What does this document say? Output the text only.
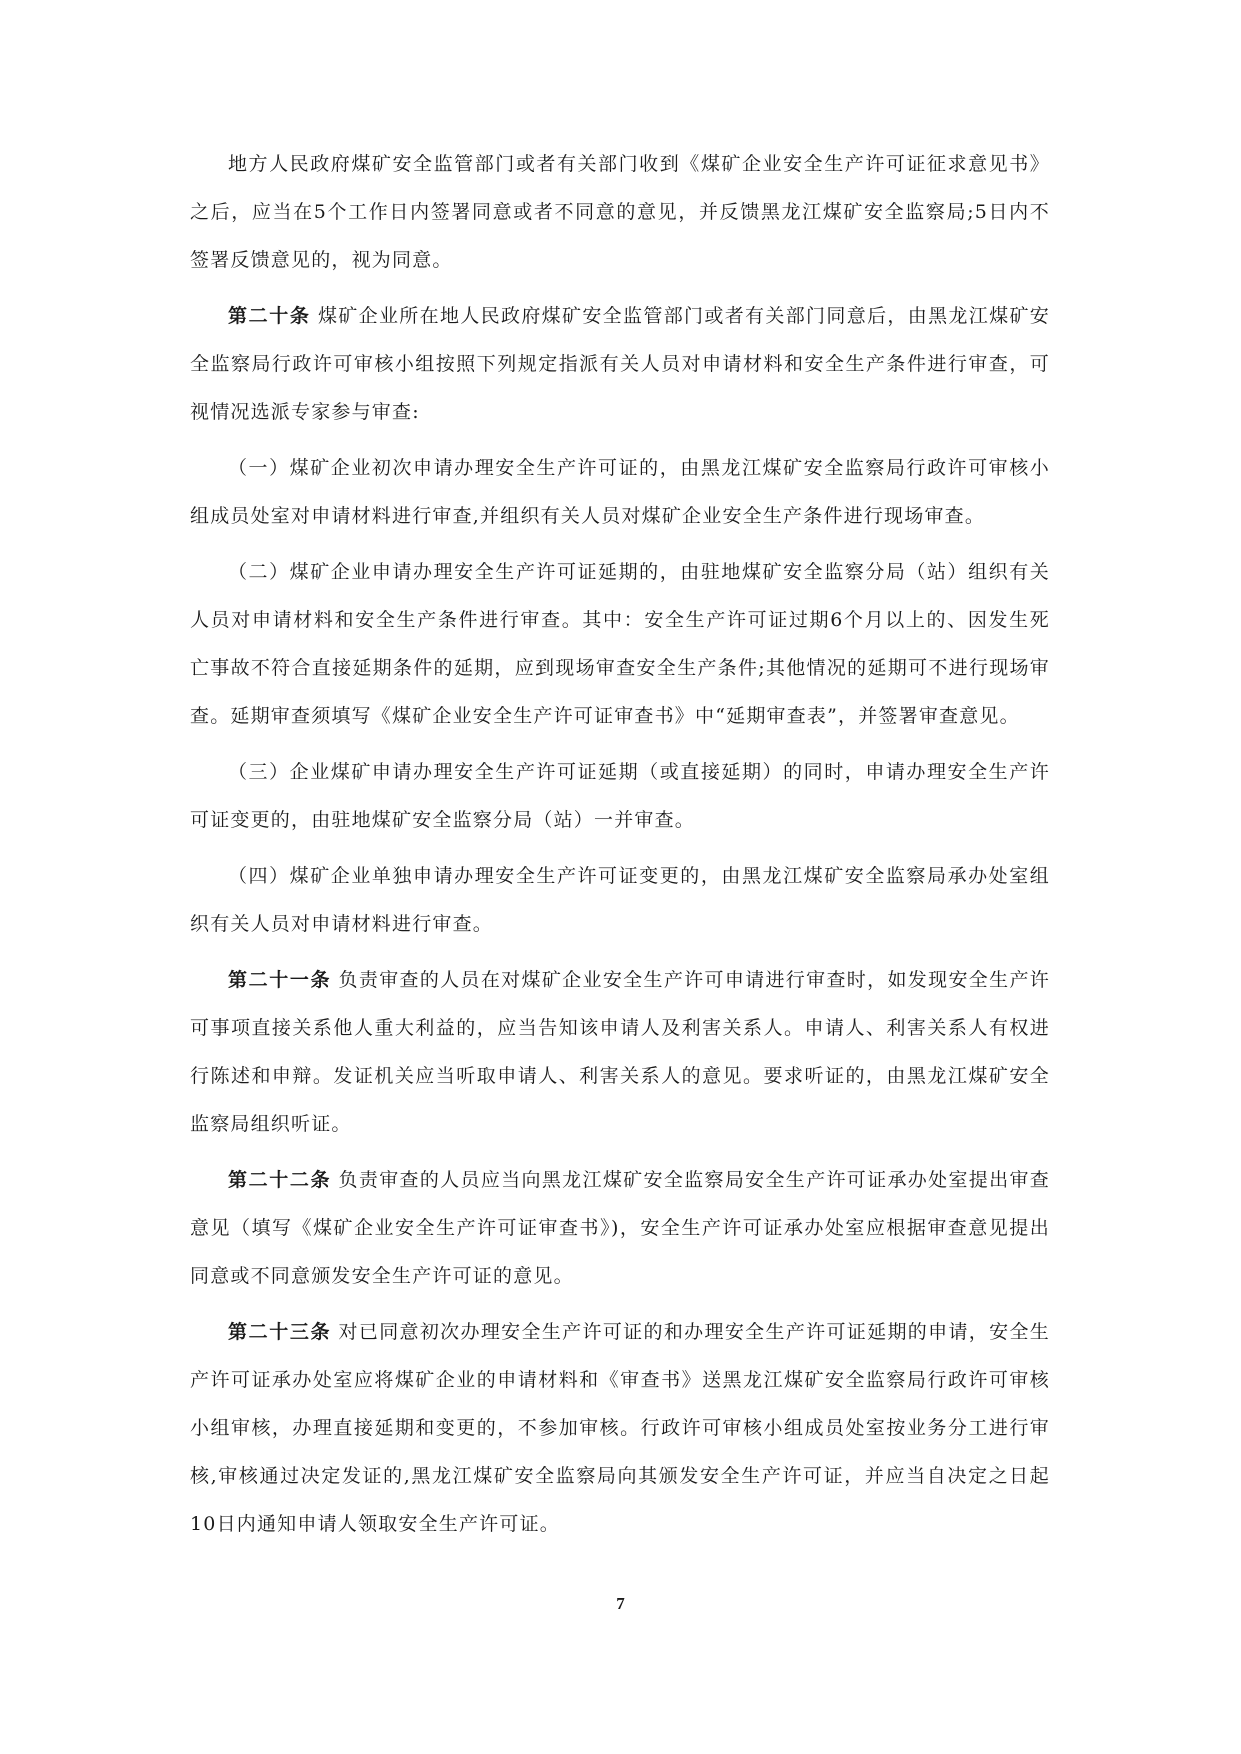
地方人民政府煤矿安全监管部门或者有关部门收到《煤矿企业安全生产许可证征求意见书》之后，应当在5个工作日内签署同意或者不同意的意见，并反馈黑龙江煤矿安全监察局;5日内不签署反馈意见的，视为同意。

第二十条 煤矿企业所在地人民政府煤矿安全监管部门或者有关部门同意后，由黑龙江煤矿安全监察局行政许可审核小组按照下列规定指派有关人员对申请材料和安全生产条件进行审查，可视情况选派专家参与审查:

（一）煤矿企业初次申请办理安全生产许可证的，由黑龙江煤矿安全监察局行政许可审核小组成员处室对申请材料进行审查,并组织有关人员对煤矿企业安全生产条件进行现场审查。

（二）煤矿企业申请办理安全生产许可证延期的，由驻地煤矿安全监察分局（站）组织有关人员对申请材料和安全生产条件进行审查。其中：安全生产许可证过期6个月以上的、因发生死亡事故不符合直接延期条件的延期，应到现场审查安全生产条件;其他情况的延期可不进行现场审查。延期审查须填写《煤矿企业安全生产许可证审查书》中“延期审查表”，并签署审查意见。

（三）企业煤矿申请办理安全生产许可证延期（或直接延期）的同时，申请办理安全生产许可证变更的，由驻地煤矿安全监察分局（站）一并审查。

（四）煤矿企业单独申请办理安全生产许可证变更的，由黑龙江煤矿安全监察局承办处室组织有关人员对申请材料进行审查。

第二十一条 负责审查的人员在对煤矿企业安全生产许可申请进行审查时，如发现安全生产许可事项直接关系他人重大利益的，应当告知该申请人及利害关系人。申请人、利害关系人有权进行陈述和申辩。发证机关应当听取申请人、利害关系人的意见。要求听证的，由黑龙江煤矿安全监察局组织听证。

第二十二条 负责审查的人员应当向黑龙江煤矿安全监察局安全生产许可证承办处室提出审查意见（填写《煤矿企业安全生产许可证审查书》)，安全生产许可证承办处室应根据审查意见提出同意或不同意颁发安全生产许可证的意见。

第二十三条 对已同意初次办理安全生产许可证的和办理安全生产许可证延期的申请，安全生产许可证承办处室应将煤矿企业的申请材料和《审查书》送黑龙江煤矿安全监察局行政许可审核小组审核，办理直接延期和变更的，不参加审核。行政许可审核小组成员处室按业务分工进行审核,审核通过决定发证的,黑龙江煤矿安全监察局向其颁发安全生产许可证，并应当自决定之日起10日内通知申请人领取安全生产许可证。

7
